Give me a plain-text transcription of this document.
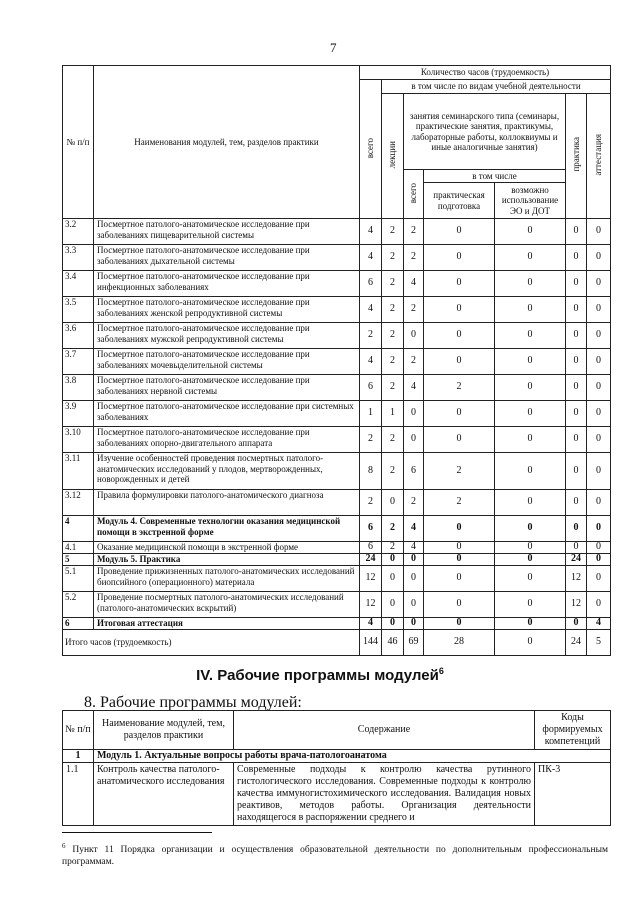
7
№ п/п	Наименования модулей, тем, разделов практики	Количество часов (трудоемкость)						
		всего	в том числе по видам учебной деятельности					
			лекции	занятия семинарского типа (семинары, практические занятия, практикумы, лабораторные работы, коллоквиумы и иные аналогичные занятия)			практика	аттестация
				всего	в том числе			
					практическая подготовка	возможно использование ЭО и ДОТ		
3.2	Посмертное патолого-анатомическое исследование при заболеваниях пищеварительной системы	4	2	2	0	0	0	0
3.3	Посмертное патолого-анатомическое исследование при заболеваниях дыхательной системы	4	2	2	0	0	0	0
3.4	Посмертное патолого-анатомическое исследование при инфекционных заболеваниях	6	2	4	0	0	0	0
3.5	Посмертное патолого-анатомическое исследование при заболеваниях женской репродуктивной системы	4	2	2	0	0	0	0
3.6	Посмертное патолого-анатомическое исследование при заболеваниях мужской репродуктивной системы	2	2	0	0	0	0	0
3.7	Посмертное патолого-анатомическое исследование при заболеваниях мочевыделительной системы	4	2	2	0	0	0	0
3.8	Посмертное патолого-анатомическое исследование при заболеваниях нервной системы	6	2	4	2	0	0	0
3.9	Посмертное патолого-анатомическое исследование при системных заболеваниях	1	1	0	0	0	0	0
3.10	Посмертное патолого-анатомическое исследование при заболеваниях опорно-двигательного аппарата	2	2	0	0	0	0	0
3.11	Изучение особенностей проведения посмертных патолого-анатомических исследований у плодов, мертворожденных, новорожденных и детей	8	2	6	2	0	0	0
3.12	Правила формулировки патолого-анатомического диагноза	2	0	2	2	0	0	0
4	Модуль 4. Современные технологии оказания медицинской помощи в экстренной форме	6	2	4	0	0	0	0
4.1	Оказание медицинской помощи в экстренной форме	6	2	4	0	0	0	0
5	Модуль 5. Практика	24	0	0	0	0	24	0
5.1	Проведение прижизненных патолого-анатомических исследований биопсийного (операционного) материала	12	0	0	0	0	12	0
5.2	Проведение посмертных патолого-анатомических исследований (патолого-анатомических вскрытий)	12	0	0	0	0	12	0
6	Итоговая аттестация	4	0	0	0	0	0	4
Итого часов (трудоемкость)		144	46	69	28	0	24	5
IV. Рабочие программы модулей$^6$
8. Рабочие программы модулей:
№ п/п	Наименование модулей, тем, разделов практики	Содержание	Коды формируемых компетенций
1	Модуль 1. Актуальные вопросы работы врача-патологоанатома		
1.1	Контроль качества патолого-анатомического исследования	Современные подходы к контролю качества рутинного гистологического исследования. Современные подходы к контролю качества иммуногистохимического исследования. Валидация новых реактивов, методов работы. Организация деятельности находящегося в распоряжении среднего и	ПК-3
$^6$ Пункт 11 Порядка организации и осуществления образовательной деятельности по дополнительным профессиональным программам.
